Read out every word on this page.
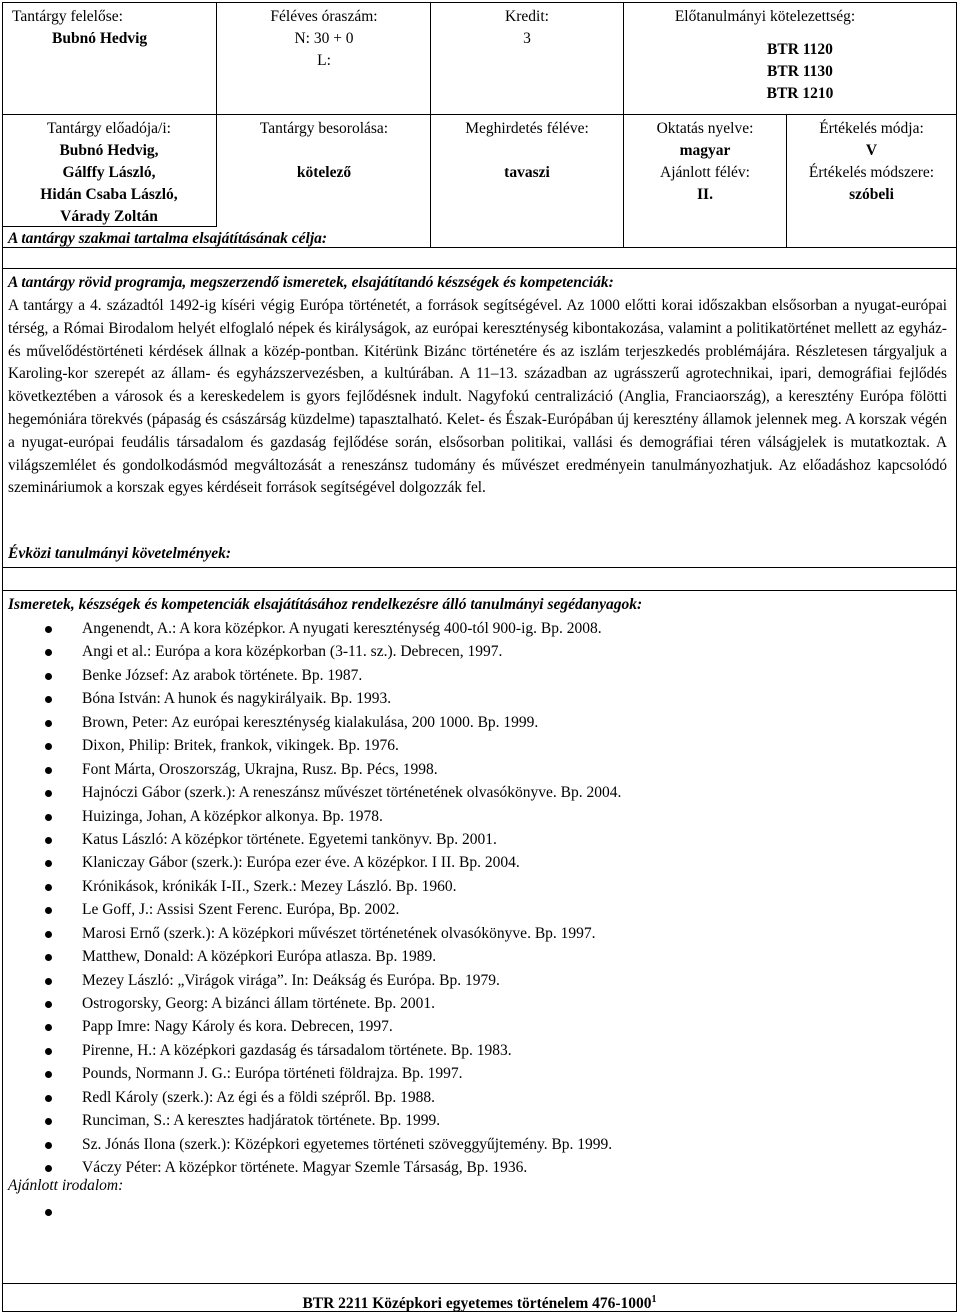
Tantárgy felelőse:
Bubnó Hedvig
Féléves óraszám:
N: 30 + 0
L:
Kredit:
3
Előtanulmányi kötelezettség:
BTR 1120
BTR 1130
BTR 1210
Tantárgy előadója/i:
Bubnó Hedvig,
Gálffy László,
Hidán Csaba László,
Várady Zoltán
Tantárgy besorolása:
kötelező
Meghirdetés féléve:
tavaszi
Oktatás nyelve:
magyar
Ajánlott félév:
II.
Értékelés módja:
V
Értékelés módszere:
szóbeli
A tantárgy szakmai tartalma elsajátításának célja:
A tantárgy rövid programja, megszerzendő ismeretek, elsajátítandó készségek és kompetenciák:
A tantárgy a 4. századtól 1492-ig kíséri végig Európa történetét, a források segítségével. Az 1000 előtti korai időszakban elsősorban a nyugat-európai térség, a Római Birodalom helyét elfoglaló népek és királyságok, az európai kereszténység kibontakozása, valamint a politikatörténet mellett az egyház- és művelődéstörténeti kérdések állnak a közép-pontban. Kitérünk Bizánc történetére és az iszlám terjeszkedés problémájára. Részletesen tárgyaljuk a Karoling-kor szerepét az állam- és egyházszervezésben, a kultúrában. A 11–13. században az ugrásszerű agrotechnikai, ipari, demográfiai fejlődés következtében a városok és a kereskedelem is gyors fejlődésnek indult. Nagyfokú centralizáció (Anglia, Franciaország), a keresztény Európa fölötti hegemóniára törekvés (pápaság és császárság küzdelme) tapasztalható. Kelet- és Észak-Európában új keresztény államok jelennek meg. A korszak végén a nyugat-európai feudális társadalom és gazdaság fejlődése során, elsősorban politikai, vallási és demográfiai téren válságjelek is mutatkoztak. A világszemlélet és gondolkodásmód megváltozását a reneszánsz tudomány és művészet eredményein tanulmányozhatjuk. Az előadáshoz kapcsolódó szemináriumok a korszak egyes kérdéseit források segítségével dolgozzák fel.
Évközi tanulmányi követelmények:
Ismeretek, készségek és kompetenciák elsajátításához rendelkezésre álló tanulmányi segédanyagok:
Angenendt, A.: A kora középkor. A nyugati kereszténység 400-tól 900-ig. Bp. 2008.
Angi et al.: Európa a kora középkorban (3-11. sz.). Debrecen, 1997.
Benke József: Az arabok története. Bp. 1987.
Bóna István: A hunok és nagykirályaik. Bp. 1993.
Brown, Peter: Az európai kereszténység kialakulása, 200 1000. Bp. 1999.
Dixon, Philip: Britek, frankok, vikingek. Bp. 1976.
Font Márta, Oroszország, Ukrajna, Rusz. Bp. Pécs, 1998.
Hajnóczi Gábor (szerk.): A reneszánsz művészet történetének olvasókönyve. Bp. 2004.
Huizinga, Johan, A középkor alkonya. Bp. 1978.
Katus László: A középkor története. Egyetemi tankönyv. Bp. 2001.
Klaniczay Gábor (szerk.): Európa ezer éve. A középkor. I II. Bp. 2004.
Krónikások, krónikák I-II., Szerk.: Mezey László. Bp. 1960.
Le Goff, J.: Assisi Szent Ferenc. Európa, Bp. 2002.
Marosi Ernő (szerk.): A középkori művészet történetének olvasókönyve. Bp. 1997.
Matthew, Donald: A középkori Európa atlasza. Bp. 1989.
Mezey László: „Virágok virága”. In: Deákság és Európa. Bp. 1979.
Ostrogorsky, Georg: A bizánci állam története. Bp. 2001.
Papp Imre: Nagy Károly és kora. Debrecen, 1997.
Pirenne, H.: A középkori gazdaság és társadalom története. Bp. 1983.
Pounds, Normann J. G.: Európa történeti földrajza. Bp. 1997.
Redl Károly (szerk.): Az égi és a földi szépről. Bp. 1988.
Runciman, S.: A keresztes hadjáratok története. Bp. 1999.
Sz. Jónás Ilona (szerk.): Középkori egyetemes történeti szöveggyűjtemény. Bp. 1999.
Váczy Péter: A középkor története. Magyar Szemle Társaság, Bp. 1936.
Ajánlott irodalom:
BTR 2211 Középkori egyetemes történelem 476-1000$^1$
